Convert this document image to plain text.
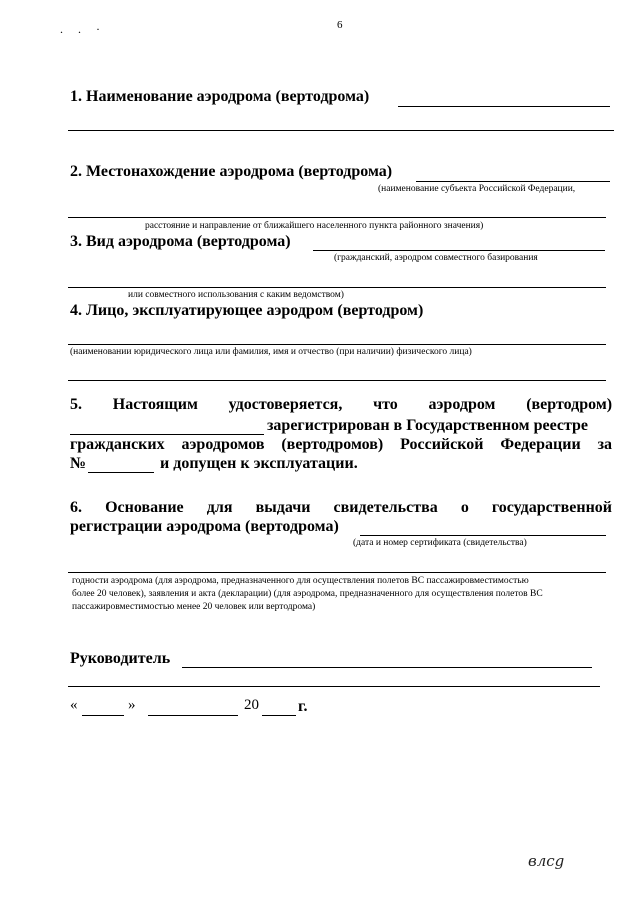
6
. . ·
1. Наименование аэродрома (вертодрома)
2. Местонахождение аэродрома (вертодрома)
(наименование субъекта Российской Федерации,
расстояние и направление от ближайшего населенного пункта районного значения)
3. Вид аэродрома (вертодрома)
(гражданский, аэродром совместного базирования
или совместного использования с каким ведомством)
4. Лицо, эксплуатирующее аэродром (вертодром)
(наименовании юридического лица или фамилия, имя и отчество (при наличии) физического лица)
5. Настоящим удостоверяется, что аэродром (вертодром)
зарегистрирован в Государственном реестре
гражданских аэродромов (вертодромов) Российской Федерации за
№	и допущен к эксплуатации.
6. Основание для выдачи свидетельства о государственной
регистрации аэродрома (вертодрома)
(дата и номер сертификата (свидетельства)
годности аэродрома (для аэродрома, предназначенного для осуществления полетов ВС пассажировместимостью
более 20 человек), заявления и акта (декларации) (для аэродрома, предназначенного для осуществления полетов ВС
пассажировместимостью менее 20 человек или вертодрома)
Руководитель
«	»	20 г.
влсg
